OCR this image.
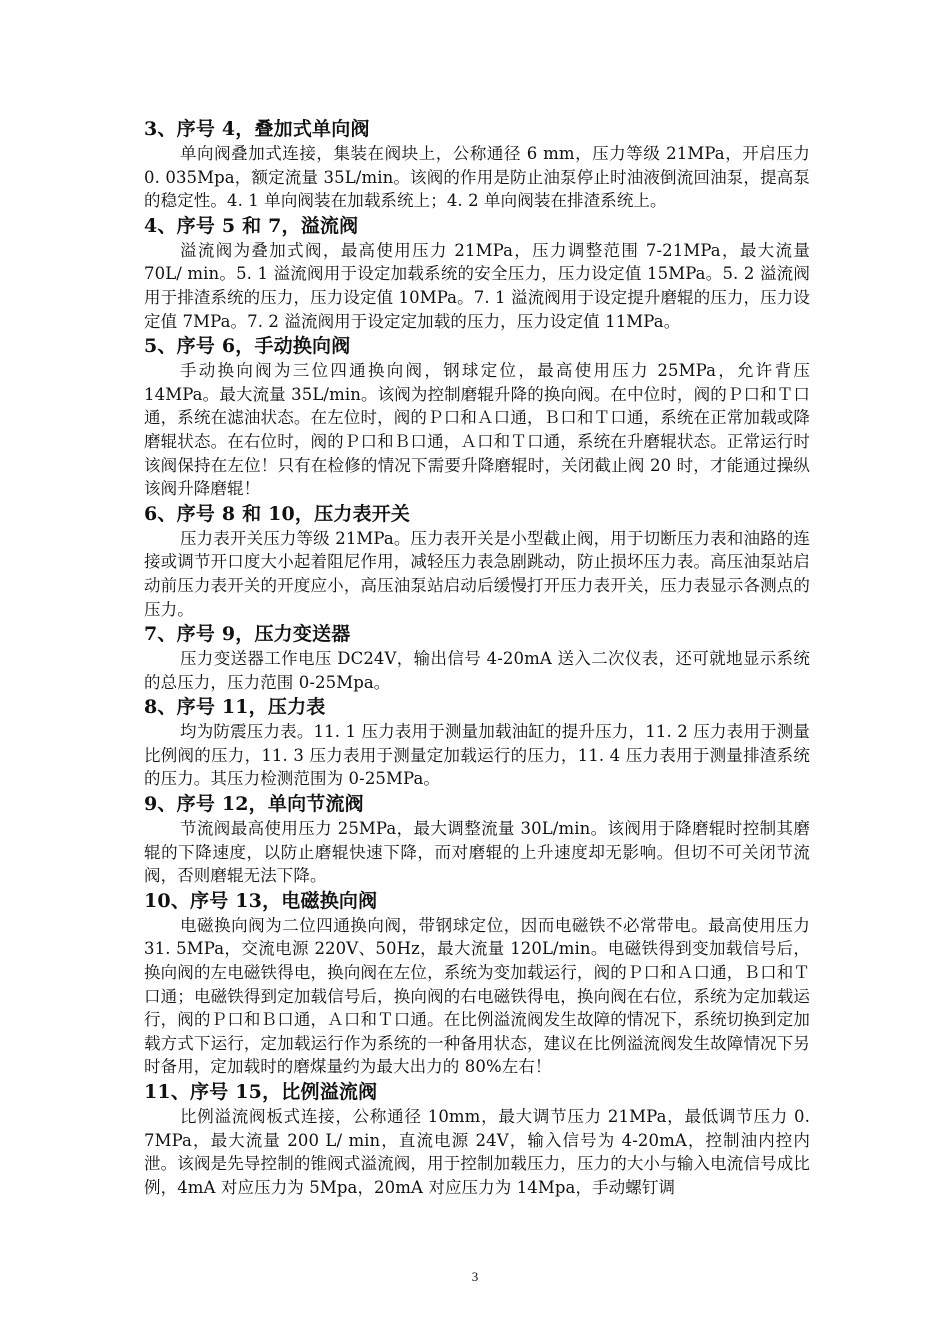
3、序号 4，叠加式单向阀

单向阀叠加式连接，集装在阀块上，公称通径 6 mm，压力等级 21MPa，开启压力 0. 035Mpa，额定流量 35L/min。该阀的作用是防止油泵停止时油液倒流回油泵，提高泵的稳定性。4. 1 单向阀装在加载系统上；4. 2 单向阀装在排渣系统上。

4、序号 5 和 7，溢流阀

溢流阀为叠加式阀，最高使用压力 21MPa，压力调整范围 7-21MPa，最大流量 70L/ min。5. 1 溢流阀用于设定加载系统的安全压力，压力设定值 15MPa。5. 2 溢流阀用于排渣系统的压力，压力设定值 10MPa。7. 1 溢流阀用于设定提升磨辊的压力，压力设定值 7MPa。7. 2 溢流阀用于设定定加载的压力，压力设定值 11MPa。

5、序号 6，手动换向阀

手动换向阀为三位四通换向阀，钢球定位，最高使用压力 25MPa，允许背压 14MPa。最大流量 35L/min。该阀为控制磨辊升降的换向阀。在中位时，阀的Ｐ口和Ｔ口通，系统在滤油状态。在左位时，阀的Ｐ口和Ａ口通，Ｂ口和Ｔ口通，系统在正常加载或降磨辊状态。在右位时，阀的Ｐ口和Ｂ口通，Ａ口和Ｔ口通，系统在升磨辊状态。正常运行时该阀保持在左位！只有在检修的情况下需要升降磨辊时，关闭截止阀 20 时，才能通过操纵该阀升降磨辊！

6、序号 8 和 10，压力表开关

压力表开关压力等级 21MPa。压力表开关是小型截止阀，用于切断压力表和油路的连接或调节开口度大小起着阻尼作用，减轻压力表急剧跳动，防止损坏压力表。高压油泵站启动前压力表开关的开度应小，高压油泵站启动后缓慢打开压力表开关，压力表显示各测点的压力。

7、序号 9，压力变送器

压力变送器工作电压 DC24V，输出信号 4-20mA 送入二次仪表，还可就地显示系统的总压力，压力范围 0-25Mpa。

8、序号 11，压力表

均为防震压力表。11. 1 压力表用于测量加载油缸的提升压力，11. 2 压力表用于测量比例阀的压力，11. 3 压力表用于测量定加载运行的压力，11. 4 压力表用于测量排渣系统的压力。其压力检测范围为 0-25MPa。

9、序号 12，单向节流阀

节流阀最高使用压力 25MPa，最大调整流量 30L/min。该阀用于降磨辊时控制其磨辊的下降速度，以防止磨辊快速下降，而对磨辊的上升速度却无影响。但切不可关闭节流阀，否则磨辊无法下降。

10、序号 13，电磁换向阀

电磁换向阀为二位四通换向阀，带钢球定位，因而电磁铁不必常带电。最高使用压力 31. 5MPa，交流电源 220V、50Hz，最大流量 120L/min。电磁铁得到变加载信号后，换向阀的左电磁铁得电，换向阀在左位，系统为变加载运行，阀的Ｐ口和Ａ口通，Ｂ口和Ｔ口通；电磁铁得到定加载信号后，换向阀的右电磁铁得电，换向阀在右位，系统为定加载运行，阀的Ｐ口和Ｂ口通，Ａ口和Ｔ口通。在比例溢流阀发生故障的情况下，系统切换到定加载方式下运行，定加载运行作为系统的一种备用状态，建议在比例溢流阀发生故障情况下另时备用，定加载时的磨煤量约为最大出力的 80%左右！

11、序号 15，比例溢流阀

比例溢流阀板式连接，公称通径 10mm，最大调节压力 21MPa，最低调节压力 0. 7MPa，最大流量 200 L/ min，直流电源 24V，输入信号为 4-20mA，控制油内控内泄。该阀是先导控制的锥阀式溢流阀，用于控制加载压力，压力的大小与输入电流信号成比例，4mA 对应压力为 5Mpa，20mA 对应压力为 14Mpa，手动螺钉调

3
